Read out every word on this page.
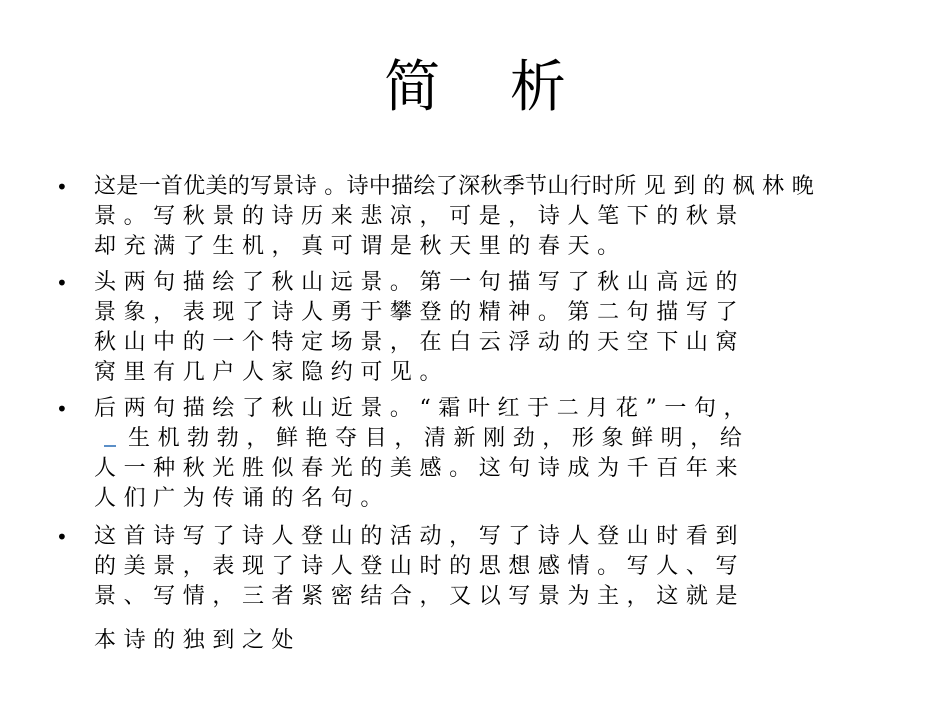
简 析
• 这是一首优美的写景诗 。诗中描绘了深秋季节山行时所 见 到 的 枫 林 晚
景 。 写 秋 景 的 诗 历 来 悲 凉 ， 可 是 ， 诗 人 笔 下 的 秋 景
却 充 满 了 生 机 ， 真 可 谓 是 秋 天 里 的 春 天 。
• 头 两 句 描 绘 了 秋 山 远 景 。 第 一 句 描 写 了 秋 山 高 远 的
景 象 ， 表 现 了 诗 人 勇 于 攀 登 的 精 神 。 第 二 句 描 写 了
秋 山 中 的 一 个 特 定 场 景 ， 在 白 云 浮 动 的 天 空 下 山 窝
窝 里 有 几 户 人 家 隐 约 可 见 。
• 后 两 句 描 绘 了 秋 山 近 景 。 “ 霜 叶 红 于 二 月 花 ” 一 句 ，
生 机 勃 勃 ， 鲜 艳 夺 目 ， 清 新 刚 劲 ， 形 象 鲜 明 ， 给
人 一 种 秋 光 胜 似 春 光 的 美 感 。 这 句 诗 成 为 千 百 年 来
人 们 广 为 传 诵 的 名 句 。
• 这 首 诗 写 了 诗 人 登 山 的 活 动 ， 写 了 诗 人 登 山 时 看 到
的 美 景 ， 表 现 了 诗 人 登 山 时 的 思 想 感 情 。 写 人 、 写
景 、 写 情 ， 三 者 紧 密 结 合 ， 又 以 写 景 为 主 ， 这 就 是
本 诗 的 独 到 之 处
